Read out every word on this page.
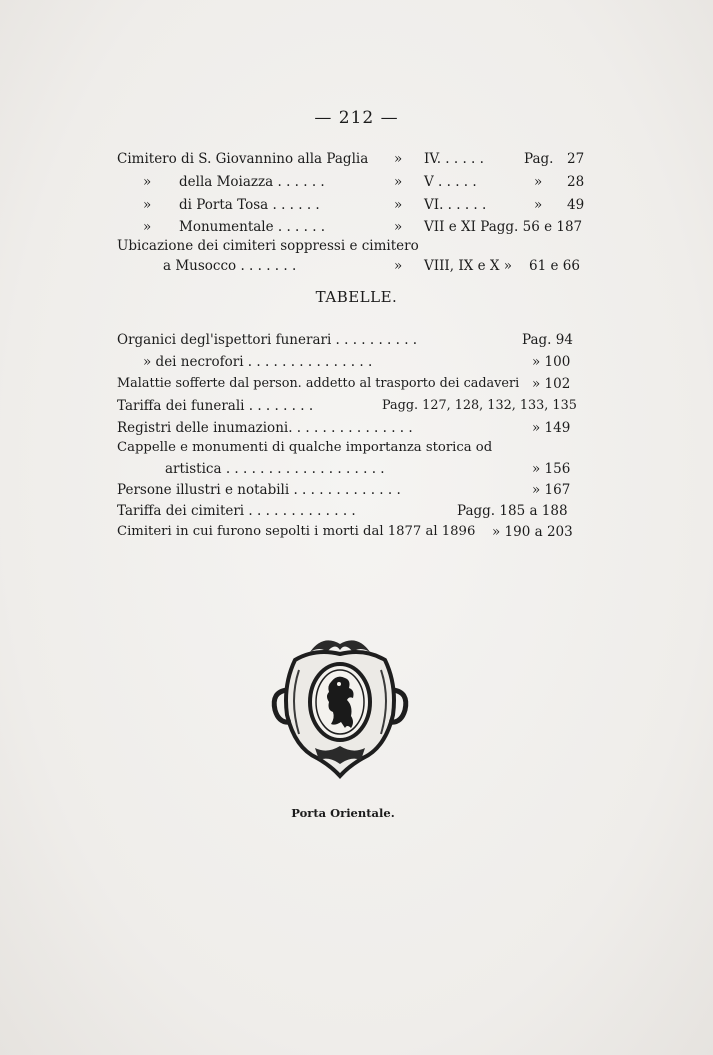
— 212 —
Cimitero di S. Giovannino alla Paglia » IV. . . . . .	Pag. 27
» della Moiazza . . . . . .	» V . . . . .	» 28
» di Porta Tosa . . . . . .	» VI. . . . . .	» 49
» Monumentale . . . . . .	» VII e XI Pagg. 56 e 187
Ubicazione dei cimiteri soppressi e cimitero
a Musocco . . . . . . .	» VIII, IX e X » 61 e 66
TABELLE.
Organici degl'ispettori funerari . . . . . . . . . .	Pag. 94
» dei necrofori . . . . . . . . . . . . . . .	» 100
Malattie sofferte dal person. addetto al trasporto dei cadaveri » 102
Tariffa dei funerali . . . . . . . .	Pagg. 127, 128, 132, 133, 135
Registri delle inumazioni. . . . . . . . . . . . . . .	» 149
Cappelle e monumenti di qualche importanza storica od
artistica . . . . . . . . . . . . . . . . . . .	» 156
Persone illustri e notabili . . . . . . . . . . . . .	» 167
Tariffa dei cimiteri . . . . . . . . . . . . .	Pagg. 185 a 188
Cimiteri in cui furono sepolti i morti dal 1877 al 1896 » 190 a 203
Porta Orientale.
